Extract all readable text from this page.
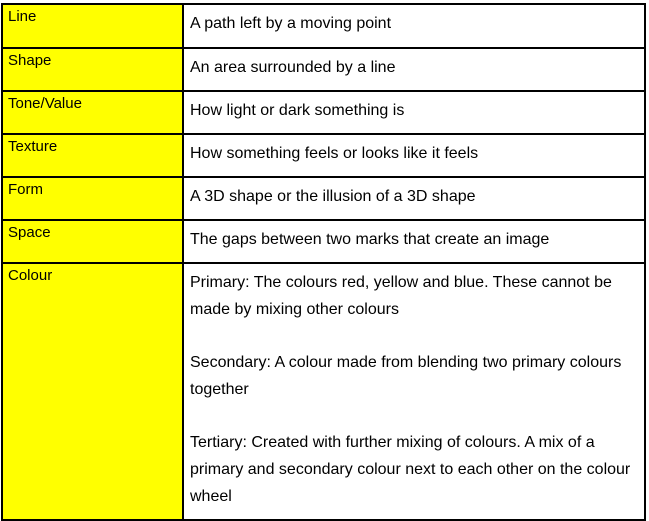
Line	A path left by a moving point
Shape	An area surrounded by a line
Tone/Value	How light or dark something is
Texture	How something feels or looks like it feels
Form	A 3D shape or the illusion of a 3D shape
Space	The gaps between two marks that create an image
Colour	Primary: The colours red, yellow and blue. These cannot be made by mixing other colours
Secondary: A colour made from blending two primary colours together
Tertiary: Created with further mixing of colours. A mix of a primary and secondary colour next to each other on the colour wheel
